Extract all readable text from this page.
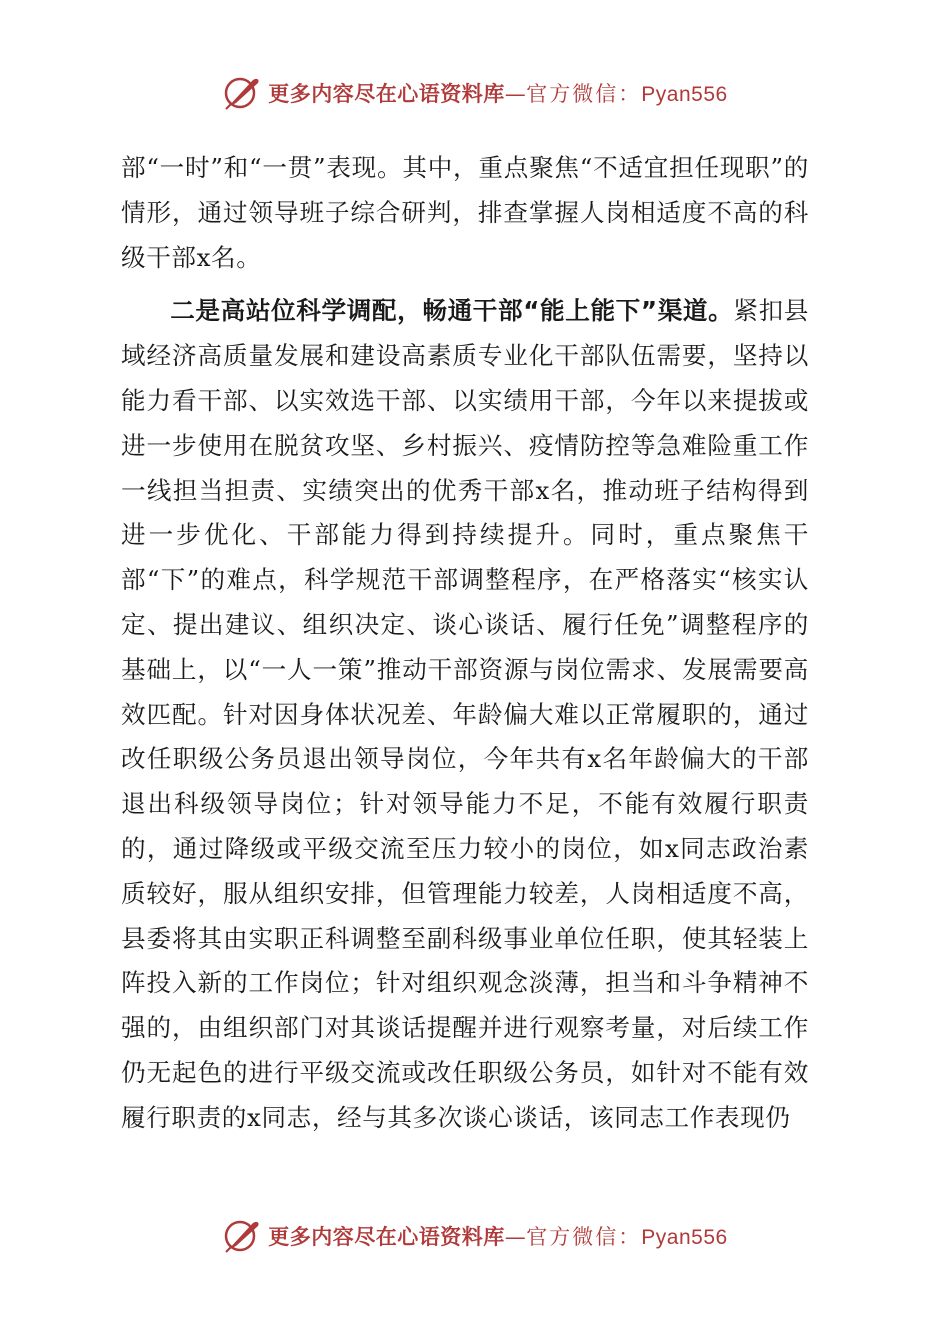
更多内容尽在心语资料库—官方微信：Pyan556

部“一时”和“一贯”表现。其中，重点聚焦“不适宜担任现职”的情形，通过领导班子综合研判，排查掌握人岗相适度不高的科级干部x名。

二是高站位科学调配，畅通干部“能上能下”渠道。紧扣县域经济高质量发展和建设高素质专业化干部队伍需要，坚持以能力看干部、以实效选干部、以实绩用干部，今年以来提拔或进一步使用在脱贫攻坚、乡村振兴、疫情防控等急难险重工作一线担当担责、实绩突出的优秀干部x名，推动班子结构得到进一步优化、干部能力得到持续提升。同时，重点聚焦干部“下”的难点，科学规范干部调整程序，在严格落实“核实认定、提出建议、组织决定、谈心谈话、履行任免”调整程序的基础上，以“一人一策”推动干部资源与岗位需求、发展需要高效匹配。针对因身体状况差、年龄偏大难以正常履职的，通过改任职级公务员退出领导岗位，今年共有x名年龄偏大的干部退出科级领导岗位；针对领导能力不足，不能有效履行职责的，通过降级或平级交流至压力较小的岗位，如x同志政治素质较好，服从组织安排，但管理能力较差，人岗相适度不高，县委将其由实职正科调整至副科级事业单位任职，使其轻装上阵投入新的工作岗位；针对组织观念淡薄，担当和斗争精神不强的，由组织部门对其谈话提醒并进行观察考量，对后续工作仍无起色的进行平级交流或改任职级公务员，如针对不能有效履行职责的x同志，经与其多次谈心谈话，该同志工作表现仍

更多内容尽在心语资料库—官方微信：Pyan556
